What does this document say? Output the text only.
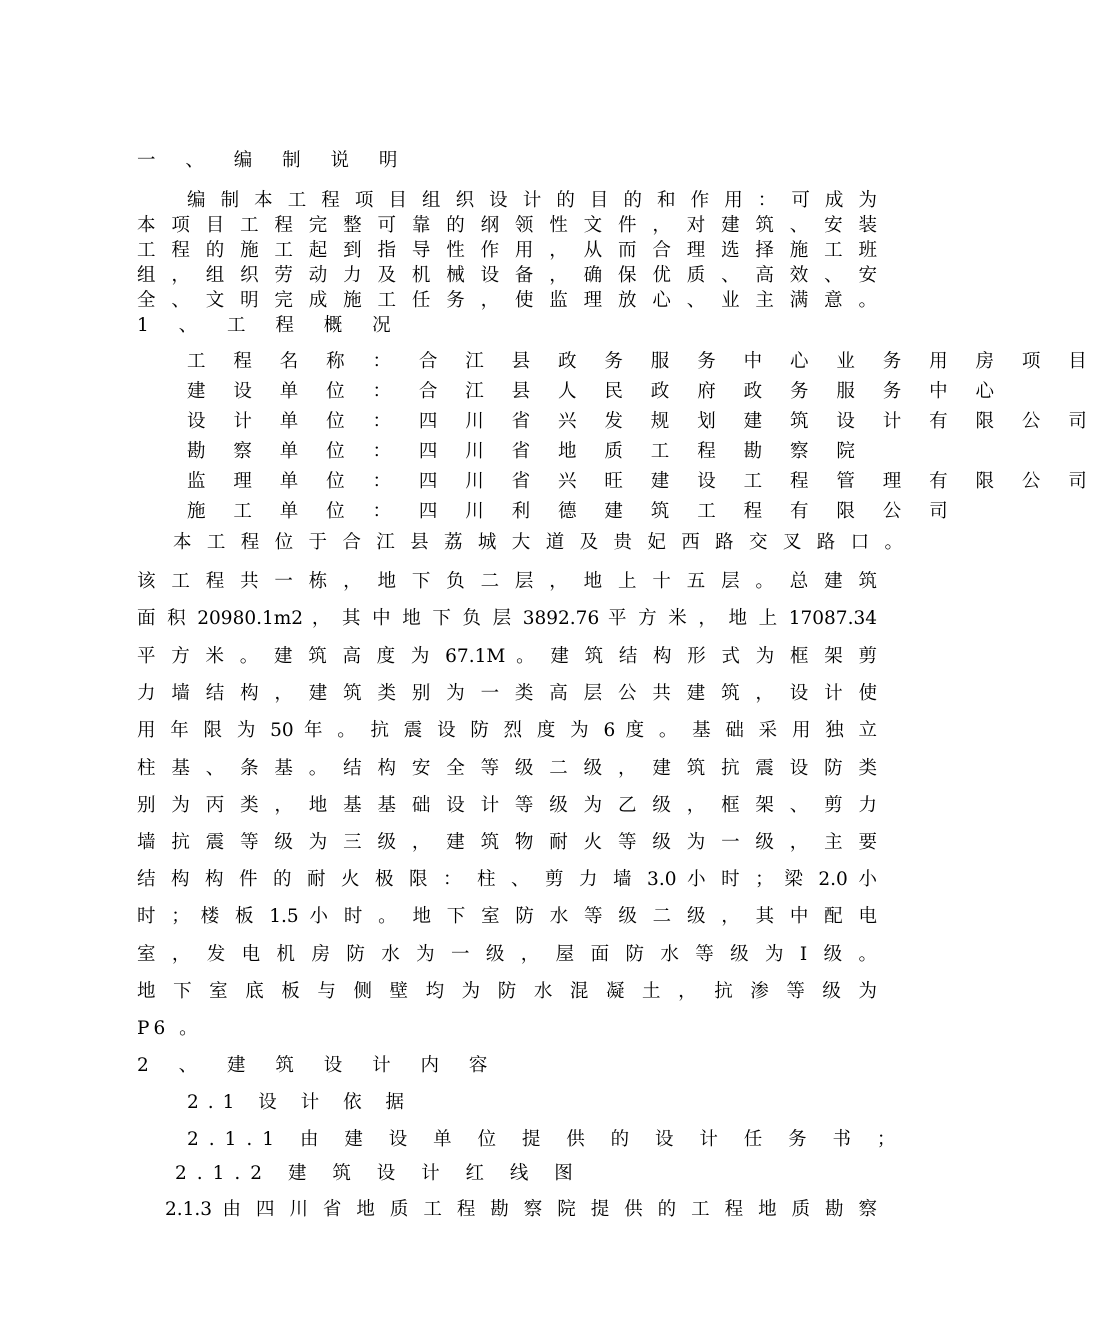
一 、 编 制 说 明
编 制 本 工 程 项 目 组 织 设 计 的 目 的 和 作 用 ： 可 成 为
本 项 目 工 程 完 整 可 靠 的 纲 领 性 文 件 ， 对 建 筑 、 安 装
工 程 的 施 工 起 到 指 导 性 作 用 ， 从 而 合 理 选 择 施 工 班
组 ， 组 织 劳 动 力 及 机 械 设 备 ， 确 保 优 质 、 高 效 、 安
全 、 文 明 完 成 施 工 任 务 ， 使 监 理 放 心 、 业 主 满 意 。
1 、 工 程 概 况
工 程 名 称 ： 合 江 县 政 务 服 务 中 心 业 务 用 房 项 目
建 设 单 位 ： 合 江 县 人 民 政 府 政 务 服 务 中 心
设 计 单 位 ： 四 川 省 兴 发 规 划 建 筑 设 计 有 限 公 司
勘 察 单 位 ： 四 川 省 地 质 工 程 勘 察 院
监 理 单 位 ： 四 川 省 兴 旺 建 设 工 程 管 理 有 限 公 司
施 工 单 位 ： 四 川 利 德 建 筑 工 程 有 限 公 司
本 工 程 位 于 合 江 县 荔 城 大 道 及 贵 妃 西 路 交 叉 路 口 。
该 工 程 共 一 栋 ， 地 下 负 二 层 ， 地 上 十 五 层 。 总 建 筑
面 积 20980.1m2 ， 其 中 地 下 负 层 3892.76 平 方 米 ， 地 上 17087.34
平 方 米 。 建 筑 高 度 为 67.1M 。 建 筑 结 构 形 式 为 框 架 剪
力 墙 结 构 ， 建 筑 类 别 为 一 类 高 层 公 共 建 筑 ， 设 计 使
用 年 限 为 50 年 。 抗 震 设 防 烈 度 为 6 度 。 基 础 采 用 独 立
柱 基 、 条 基 。 结 构 安 全 等 级 二 级 ， 建 筑 抗 震 设 防 类
别 为 丙 类 ， 地 基 基 础 设 计 等 级 为 乙 级 ， 框 架 、 剪 力
墙 抗 震 等 级 为 三 级 ， 建 筑 物 耐 火 等 级 为 一 级 ， 主 要
结 构 构 件 的 耐 火 极 限 ： 柱 、 剪 力 墙 3.0 小 时 ； 梁 2.0 小
时 ； 楼 板 1.5 小 时 。 地 下 室 防 水 等 级 二 级 ， 其 中 配 电
室 ， 发 电 机 房 防 水 为 一 级 ， 屋 面 防 水 等 级 为 Ⅰ 级 。
地 下 室 底 板 与 侧 壁 均 为 防 水 混 凝 土 ， 抗 渗 等 级 为
P6 。
2 、 建 筑 设 计 内 容
2.1 设 计 依 据
2.1.1 由 建 设 单 位 提 供 的 设 计 任 务 书 ；
2.1.2 建 筑 设 计 红 线 图
2.1.3 由 四 川 省 地 质 工 程 勘 察 院 提 供 的 工 程 地 质 勘 察
